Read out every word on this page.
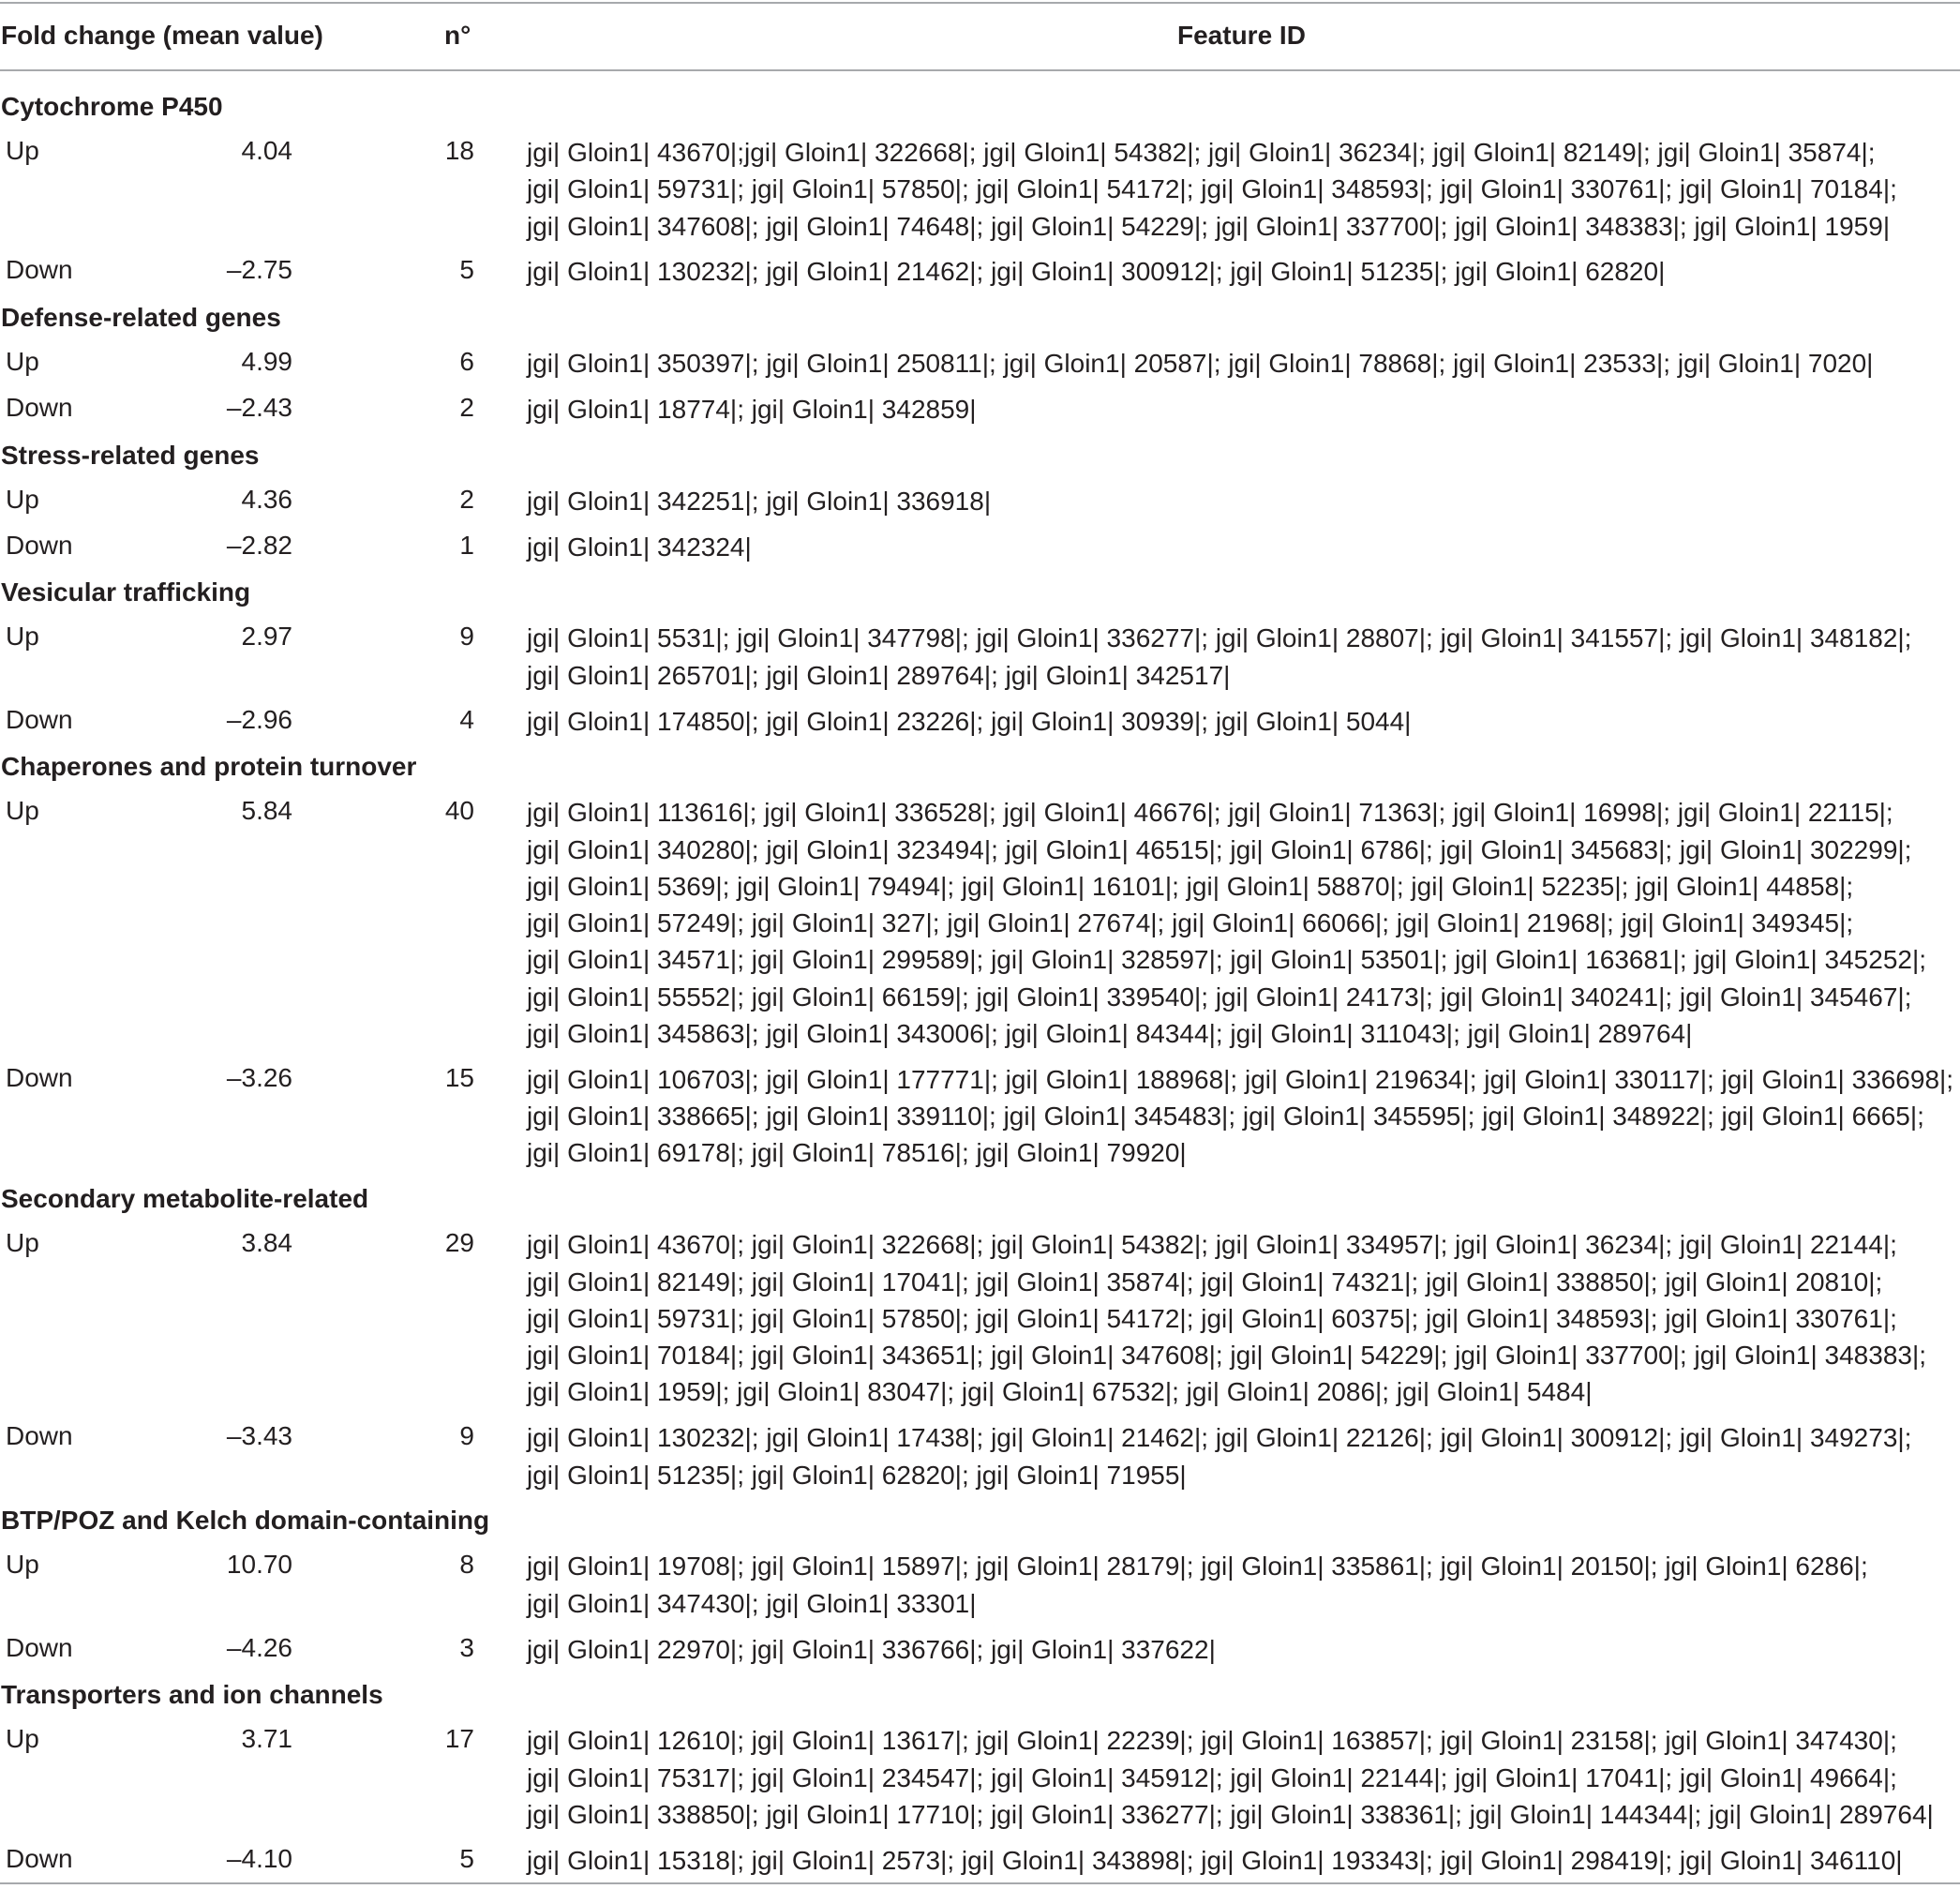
Fold change (mean value)	n°	Feature ID
Cytochrome P450
Up	4.04	18 jgi| Gloin1| 43670|;jgi| Gloin1| 322668|; jgi| Gloin1| 54382|; jgi| Gloin1| 36234|; jgi| Gloin1| 82149|; jgi| Gloin1| 35874|;
jgi| Gloin1| 59731|; jgi| Gloin1| 57850|; jgi| Gloin1| 54172|; jgi| Gloin1| 348593|; jgi| Gloin1| 330761|; jgi| Gloin1| 70184|;
jgi| Gloin1| 347608|; jgi| Gloin1| 74648|; jgi| Gloin1| 54229|; jgi| Gloin1| 337700|; jgi| Gloin1| 348383|; jgi| Gloin1| 1959|
Down	–2.75	5 jgi| Gloin1| 130232|; jgi| Gloin1| 21462|; jgi| Gloin1| 300912|; jgi| Gloin1| 51235|; jgi| Gloin1| 62820|
Defense-related genes
Up	4.99	6 jgi| Gloin1| 350397|; jgi| Gloin1| 250811|; jgi| Gloin1| 20587|; jgi| Gloin1| 78868|; jgi| Gloin1| 23533|; jgi| Gloin1| 7020|
Down	–2.43	2 jgi| Gloin1| 18774|; jgi| Gloin1| 342859|
Stress-related genes
Up	4.36	2 jgi| Gloin1| 342251|; jgi| Gloin1| 336918|
Down	–2.82	1 jgi| Gloin1| 342324|
Vesicular trafficking
Up	2.97	9 jgi| Gloin1| 5531|; jgi| Gloin1| 347798|; jgi| Gloin1| 336277|; jgi| Gloin1| 28807|; jgi| Gloin1| 341557|; jgi| Gloin1| 348182|;
jgi| Gloin1| 265701|; jgi| Gloin1| 289764|; jgi| Gloin1| 342517|
Down	–2.96	4 jgi| Gloin1| 174850|; jgi| Gloin1| 23226|; jgi| Gloin1| 30939|; jgi| Gloin1| 5044|
Chaperones and protein turnover
Up	5.84	40 jgi| Gloin1| 113616|; jgi| Gloin1| 336528|; jgi| Gloin1| 46676|; jgi| Gloin1| 71363|; jgi| Gloin1| 16998|; jgi| Gloin1| 22115|;
jgi| Gloin1| 340280|; jgi| Gloin1| 323494|; jgi| Gloin1| 46515|; jgi| Gloin1| 6786|; jgi| Gloin1| 345683|; jgi| Gloin1| 302299|;
jgi| Gloin1| 5369|; jgi| Gloin1| 79494|; jgi| Gloin1| 16101|; jgi| Gloin1| 58870|; jgi| Gloin1| 52235|; jgi| Gloin1| 44858|;
jgi| Gloin1| 57249|; jgi| Gloin1| 327|; jgi| Gloin1| 27674|; jgi| Gloin1| 66066|; jgi| Gloin1| 21968|; jgi| Gloin1| 349345|;
jgi| Gloin1| 34571|; jgi| Gloin1| 299589|; jgi| Gloin1| 328597|; jgi| Gloin1| 53501|; jgi| Gloin1| 163681|; jgi| Gloin1| 345252|;
jgi| Gloin1| 55552|; jgi| Gloin1| 66159|; jgi| Gloin1| 339540|; jgi| Gloin1| 24173|; jgi| Gloin1| 340241|; jgi| Gloin1| 345467|;
jgi| Gloin1| 345863|; jgi| Gloin1| 343006|; jgi| Gloin1| 84344|; jgi| Gloin1| 311043|; jgi| Gloin1| 289764|
Down	–3.26	15 jgi| Gloin1| 106703|; jgi| Gloin1| 177771|; jgi| Gloin1| 188968|; jgi| Gloin1| 219634|; jgi| Gloin1| 330117|; jgi| Gloin1| 336698|;
jgi| Gloin1| 338665|; jgi| Gloin1| 339110|; jgi| Gloin1| 345483|; jgi| Gloin1| 345595|; jgi| Gloin1| 348922|; jgi| Gloin1| 6665|;
jgi| Gloin1| 69178|; jgi| Gloin1| 78516|; jgi| Gloin1| 79920|
Secondary metabolite-related
Up	3.84	29 jgi| Gloin1| 43670|; jgi| Gloin1| 322668|; jgi| Gloin1| 54382|; jgi| Gloin1| 334957|; jgi| Gloin1| 36234|; jgi| Gloin1| 22144|;
jgi| Gloin1| 82149|; jgi| Gloin1| 17041|; jgi| Gloin1| 35874|; jgi| Gloin1| 74321|; jgi| Gloin1| 338850|; jgi| Gloin1| 20810|;
jgi| Gloin1| 59731|; jgi| Gloin1| 57850|; jgi| Gloin1| 54172|; jgi| Gloin1| 60375|; jgi| Gloin1| 348593|; jgi| Gloin1| 330761|;
jgi| Gloin1| 70184|; jgi| Gloin1| 343651|; jgi| Gloin1| 347608|; jgi| Gloin1| 54229|; jgi| Gloin1| 337700|; jgi| Gloin1| 348383|;
jgi| Gloin1| 1959|; jgi| Gloin1| 83047|; jgi| Gloin1| 67532|; jgi| Gloin1| 2086|; jgi| Gloin1| 5484|
Down	–3.43	9 jgi| Gloin1| 130232|; jgi| Gloin1| 17438|; jgi| Gloin1| 21462|; jgi| Gloin1| 22126|; jgi| Gloin1| 300912|; jgi| Gloin1| 349273|;
jgi| Gloin1| 51235|; jgi| Gloin1| 62820|; jgi| Gloin1| 71955|
BTP/POZ and Kelch domain-containing
Up	10.70	8 jgi| Gloin1| 19708|; jgi| Gloin1| 15897|; jgi| Gloin1| 28179|; jgi| Gloin1| 335861|; jgi| Gloin1| 20150|; jgi| Gloin1| 6286|;
jgi| Gloin1| 347430|; jgi| Gloin1| 33301|
Down	–4.26	3 jgi| Gloin1| 22970|; jgi| Gloin1| 336766|; jgi| Gloin1| 337622|
Transporters and ion channels
Up	3.71	17 jgi| Gloin1| 12610|; jgi| Gloin1| 13617|; jgi| Gloin1| 22239|; jgi| Gloin1| 163857|; jgi| Gloin1| 23158|; jgi| Gloin1| 347430|;
jgi| Gloin1| 75317|; jgi| Gloin1| 234547|; jgi| Gloin1| 345912|; jgi| Gloin1| 22144|; jgi| Gloin1| 17041|; jgi| Gloin1| 49664|;
jgi| Gloin1| 338850|; jgi| Gloin1| 17710|; jgi| Gloin1| 336277|; jgi| Gloin1| 338361|; jgi| Gloin1| 144344|; jgi| Gloin1| 289764|
Down	–4.10	5 jgi| Gloin1| 15318|; jgi| Gloin1| 2573|; jgi| Gloin1| 343898|; jgi| Gloin1| 193343|; jgi| Gloin1| 298419|; jgi| Gloin1| 346110|
